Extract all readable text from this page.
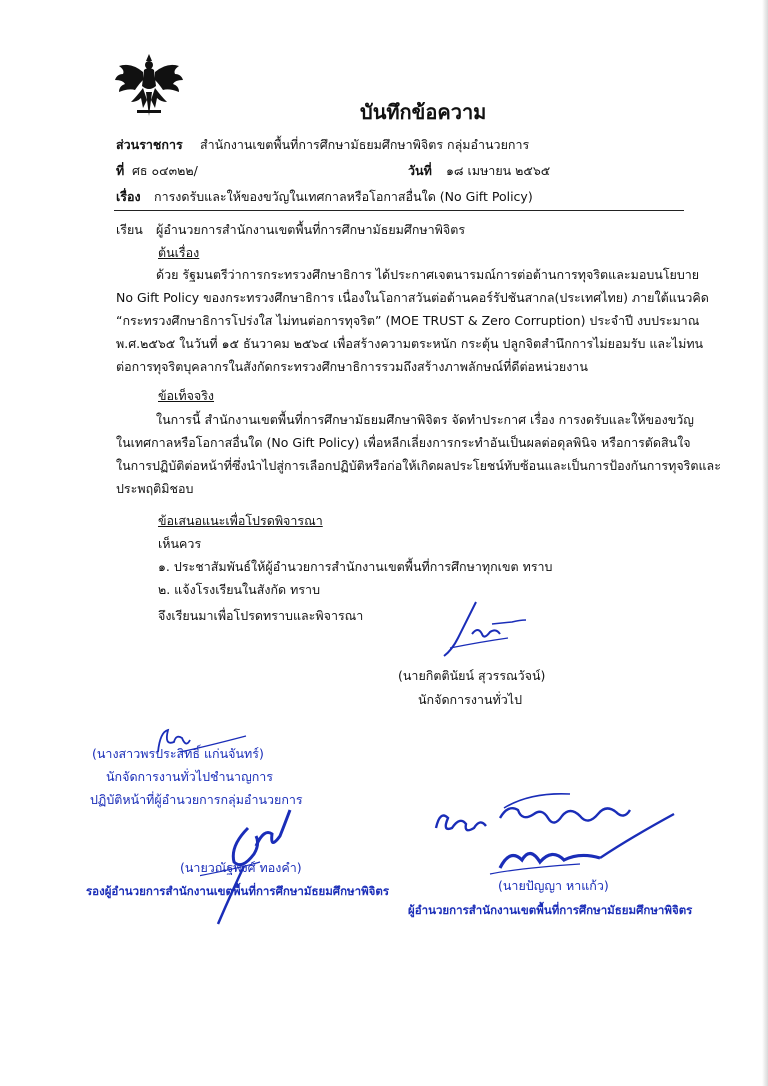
บันทึกข้อความ
ส่วนราชการ สำนักงานเขตพื้นที่การศึกษามัธยมศึกษาพิจิตร กลุ่มอำนวยการ
ที่ ศธ ๐๔๓๒๒/	วันที่ ๑๘ เมษายน ๒๕๖๕
เรื่อง การงดรับและให้ของขวัญในเทศกาลหรือโอกาสอื่นใด (No Gift Policy)
เรียน ผู้อำนวยการสำนักงานเขตพื้นที่การศึกษามัธยมศึกษาพิจิตร
ต้นเรื่อง
ด้วย รัฐมนตรีว่าการกระทรวงศึกษาธิการ ได้ประกาศเจตนารมณ์การต่อต้านการทุจริตและมอบนโยบาย
No Gift Policy ของกระทรวงศึกษาธิการ เนื่องในโอกาสวันต่อต้านคอร์รัปชันสากล(ประเทศไทย) ภายใต้แนวคิด
“กระทรวงศึกษาธิการโปร่งใส ไม่ทนต่อการทุจริต” (MOE TRUST & Zero Corruption) ประจำปี งบประมาณ
พ.ศ.๒๕๖๕ ในวันที่ ๑๕ ธันวาคม ๒๕๖๔ เพื่อสร้างความตระหนัก กระตุ้น ปลูกจิตสำนึกการไม่ยอมรับ และไม่ทน
ต่อการทุจริตบุคลากรในสังกัดกระทรวงศึกษาธิการรวมถึงสร้างภาพลักษณ์ที่ดีต่อหน่วยงาน
ข้อเท็จจริง
ในการนี้ สำนักงานเขตพื้นที่การศึกษามัธยมศึกษาพิจิตร จัดทำประกาศ เรื่อง การงดรับและให้ของขวัญ
ในเทศกาลหรือโอกาสอื่นใด (No Gift Policy) เพื่อหลีกเลี่ยงการกระทำอันเป็นผลต่อดุลพินิจ หรือการตัดสินใจ
ในการปฏิบัติต่อหน้าที่ซึ่งนำไปสู่การเลือกปฏิบัติหรือก่อให้เกิดผลประโยชน์ทับซ้อนและเป็นการป้องกันการทุจริตและ
ประพฤติมิชอบ
ข้อเสนอแนะเพื่อโปรดพิจารณา
เห็นควร
๑. ประชาสัมพันธ์ให้ผู้อำนวยการสำนักงานเขตพื้นที่การศึกษาทุกเขต ทราบ
๒. แจ้งโรงเรียนในสังกัด ทราบ
จึงเรียนมาเพื่อโปรดทราบและพิจารณา
(นายกิตตินัยน์ สุวรรณวัจน์)
นักจัดการงานทั่วไป
(นางสาวพรประสิทธิ์ แก่นจันทร์)
นักจัดการงานทั่วไปชำนาญการ
ปฏิบัติหน้าที่ผู้อำนวยการกลุ่มอำนวยการ
(นายวณัฐพงศ์ ทองคำ)
รองผู้อำนวยการสำนักงานเขตพื้นที่การศึกษามัธยมศึกษาพิจิตร	(นายปัญญา หาแก้ว)
ผู้อำนวยการสำนักงานเขตพื้นที่การศึกษามัธยมศึกษาพิจิตร
